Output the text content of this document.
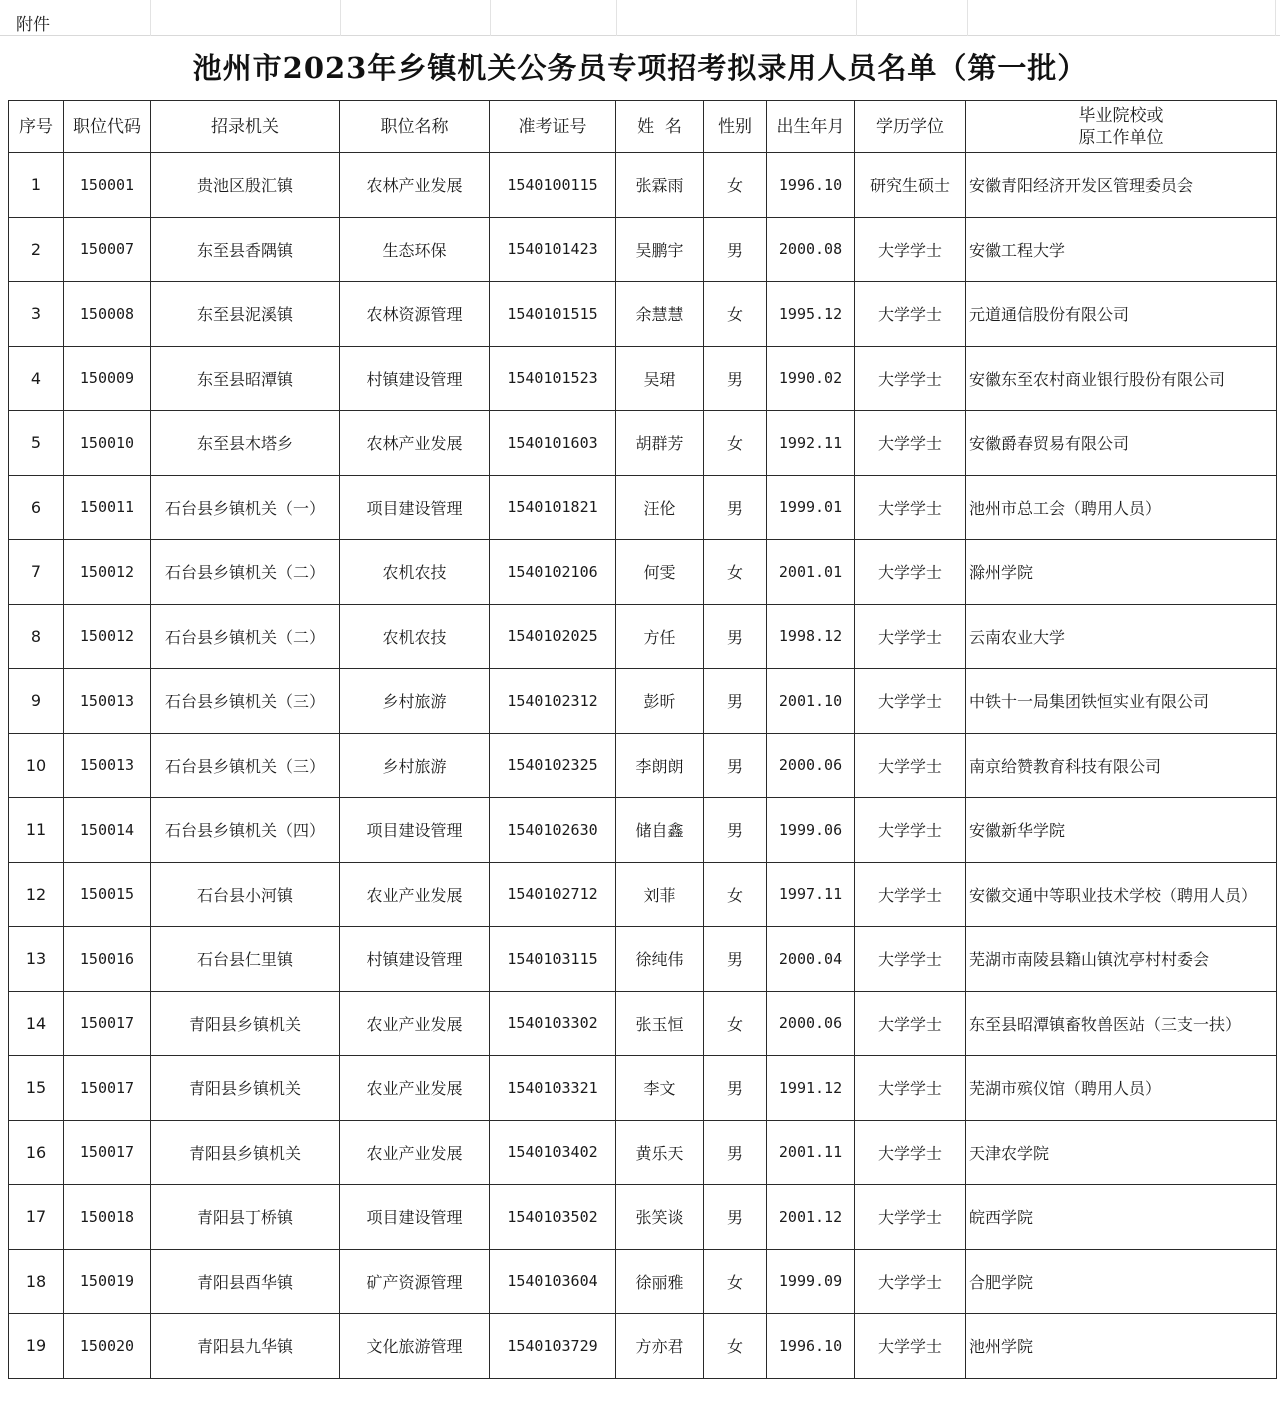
附件
池州市2023年乡镇机关公务员专项招考拟录用人员名单（第一批）
序号	职位代码	招录机关	职位名称	准考证号	姓  名	性别	出生年月	学历学位	毕业院校或
原工作单位

1	150001	贵池区殷汇镇	农林产业发展	1540100115	张霖雨	女	1996.10	研究生硕士	安徽青阳经济开发区管理委员会
2	150007	东至县香隅镇	生态环保	1540101423	吴鹏宇	男	2000.08	大学学士	安徽工程大学
3	150008	东至县泥溪镇	农林资源管理	1540101515	余慧慧	女	1995.12	大学学士	元道通信股份有限公司
4	150009	东至县昭潭镇	村镇建设管理	1540101523	吴珺	男	1990.02	大学学士	安徽东至农村商业银行股份有限公司
5	150010	东至县木塔乡	农林产业发展	1540101603	胡群芳	女	1992.11	大学学士	安徽爵春贸易有限公司
6	150011	石台县乡镇机关（一）	项目建设管理	1540101821	汪伦	男	1999.01	大学学士	池州市总工会（聘用人员）
7	150012	石台县乡镇机关（二）	农机农技	1540102106	何雯	女	2001.01	大学学士	滁州学院
8	150012	石台县乡镇机关（二）	农机农技	1540102025	方任	男	1998.12	大学学士	云南农业大学
9	150013	石台县乡镇机关（三）	乡村旅游	1540102312	彭昕	男	2001.10	大学学士	中铁十一局集团铁恒实业有限公司
10	150013	石台县乡镇机关（三）	乡村旅游	1540102325	李朗朗	男	2000.06	大学学士	南京给赞教育科技有限公司
11	150014	石台县乡镇机关（四）	项目建设管理	1540102630	储自鑫	男	1999.06	大学学士	安徽新华学院
12	150015	石台县小河镇	农业产业发展	1540102712	刘菲	女	1997.11	大学学士	安徽交通中等职业技术学校（聘用人员）
13	150016	石台县仁里镇	村镇建设管理	1540103115	徐纯伟	男	2000.04	大学学士	芜湖市南陵县籍山镇沈亭村村委会
14	150017	青阳县乡镇机关	农业产业发展	1540103302	张玉恒	女	2000.06	大学学士	东至县昭潭镇畜牧兽医站（三支一扶）
15	150017	青阳县乡镇机关	农业产业发展	1540103321	李文	男	1991.12	大学学士	芜湖市殡仪馆（聘用人员）
16	150017	青阳县乡镇机关	农业产业发展	1540103402	黄乐天	男	2001.11	大学学士	天津农学院
17	150018	青阳县丁桥镇	项目建设管理	1540103502	张笑谈	男	2001.12	大学学士	皖西学院
18	150019	青阳县酉华镇	矿产资源管理	1540103604	徐丽雅	女	1999.09	大学学士	合肥学院
19	150020	青阳县九华镇	文化旅游管理	1540103729	方亦君	女	1996.10	大学学士	池州学院
